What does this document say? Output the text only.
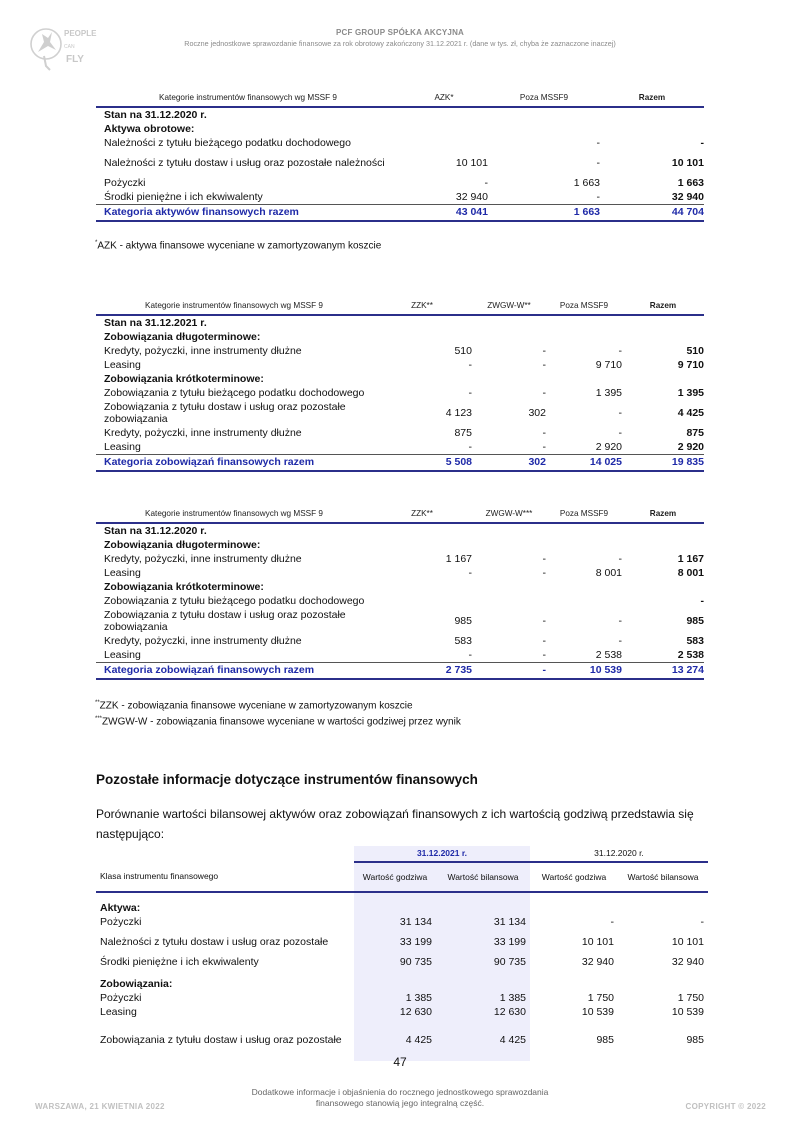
PEOPLE
CAN
FLY
PCF GROUP SPÓŁKA AKCYJNA
Roczne jednostkowe sprawozdanie finansowe za rok obrotowy zakończony 31.12.2021 r. (dane w tys. zł, chyba że zaznaczone inaczej)
Kategorie instrumentów finansowych wg MSSF 9	AZK*	Poza MSSF9	Razem
Stan na 31.12.2020 r.			
Aktywa obrotowe:			
Należności z tytułu bieżącego podatku dochodowego		-	-
Należności z tytułu dostaw i usług oraz pozostałe należności	10 101	-	10 101
Pożyczki	-	1 663	1 663
Środki pieniężne i ich ekwiwalenty	32 940	-	32 940
Kategoria aktywów finansowych razem	43 041	1 663	44 704
*AZK - aktywa finansowe wyceniane w zamortyzowanym koszcie
Kategorie instrumentów finansowych wg MSSF 9	ZZK**	ZWGW-W**	Poza MSSF9	Razem
Stan na 31.12.2021 r.				
Zobowiązania długoterminowe:				
Kredyty, pożyczki, inne instrumenty dłużne	510	-	-	510
Leasing	-	-	9 710	9 710
Zobowiązania krótkoterminowe:				
Zobowiązania z tytułu bieżącego podatku dochodowego	-	-	1 395	1 395
Zobowiązania z tytułu dostaw i usług oraz pozostałe zobowiązania	4 123	302	-	4 425
Kredyty, pożyczki, inne instrumenty dłużne	875	-	-	875
Leasing	-	-	2 920	2 920
Kategoria zobowiązań finansowych razem	5 508	302	14 025	19 835
Kategorie instrumentów finansowych wg MSSF 9	ZZK**	ZWGW-W***	Poza MSSF9	Razem
Stan na 31.12.2020 r.				
Zobowiązania długoterminowe:				
Kredyty, pożyczki, inne instrumenty dłużne	1 167	-	-	1 167
Leasing	-	-	8 001	8 001
Zobowiązania krótkoterminowe:				
Zobowiązania z tytułu bieżącego podatku dochodowego				-
Zobowiązania z tytułu dostaw i usług oraz pozostałe zobowiązania	985	-	-	985
Kredyty, pożyczki, inne instrumenty dłużne	583	-	-	583
Leasing	-	-	2 538	2 538
Kategoria zobowiązań finansowych razem	2 735	-	10 539	13 274
**ZZK - zobowiązania finansowe wyceniane w zamortyzowanym koszcie
***ZWGW-W - zobowiązania finansowe wyceniane w wartości godziwej przez wynik
Pozostałe informacje dotyczące instrumentów finansowych
Porównanie wartości bilansowej aktywów oraz zobowiązań finansowych z ich wartością godziwą przedstawia się następująco:
	31.12.2021 r.		31.12.2020 r.	
Klasa instrumentu finansowego	Wartość godziwa	Wartość bilansowa	Wartość godziwa	Wartość bilansowa

Aktywa:				
Pożyczki	31 134	31 134	-	-
Należności z tytułu dostaw i usług oraz pozostałe	33 199	33 199	10 101	10 101
Środki pieniężne i ich ekwiwalenty	90 735	90 735	32 940	32 940

Zobowiązania:				
Pożyczki	1 385	1 385	1 750	1 750
Leasing	12 630	12 630	10 539	10 539

Zobowiązania z tytułu dostaw i usług oraz pozostałe	4 425	4 425	985	985

47
WARSZAWA, 21 KWIETNIA 2022
Dodatkowe informacje i objaśnienia do rocznego jednostkowego sprawozdania finansowego stanowią jego integralną część.	COPYRIGHT © 2022
